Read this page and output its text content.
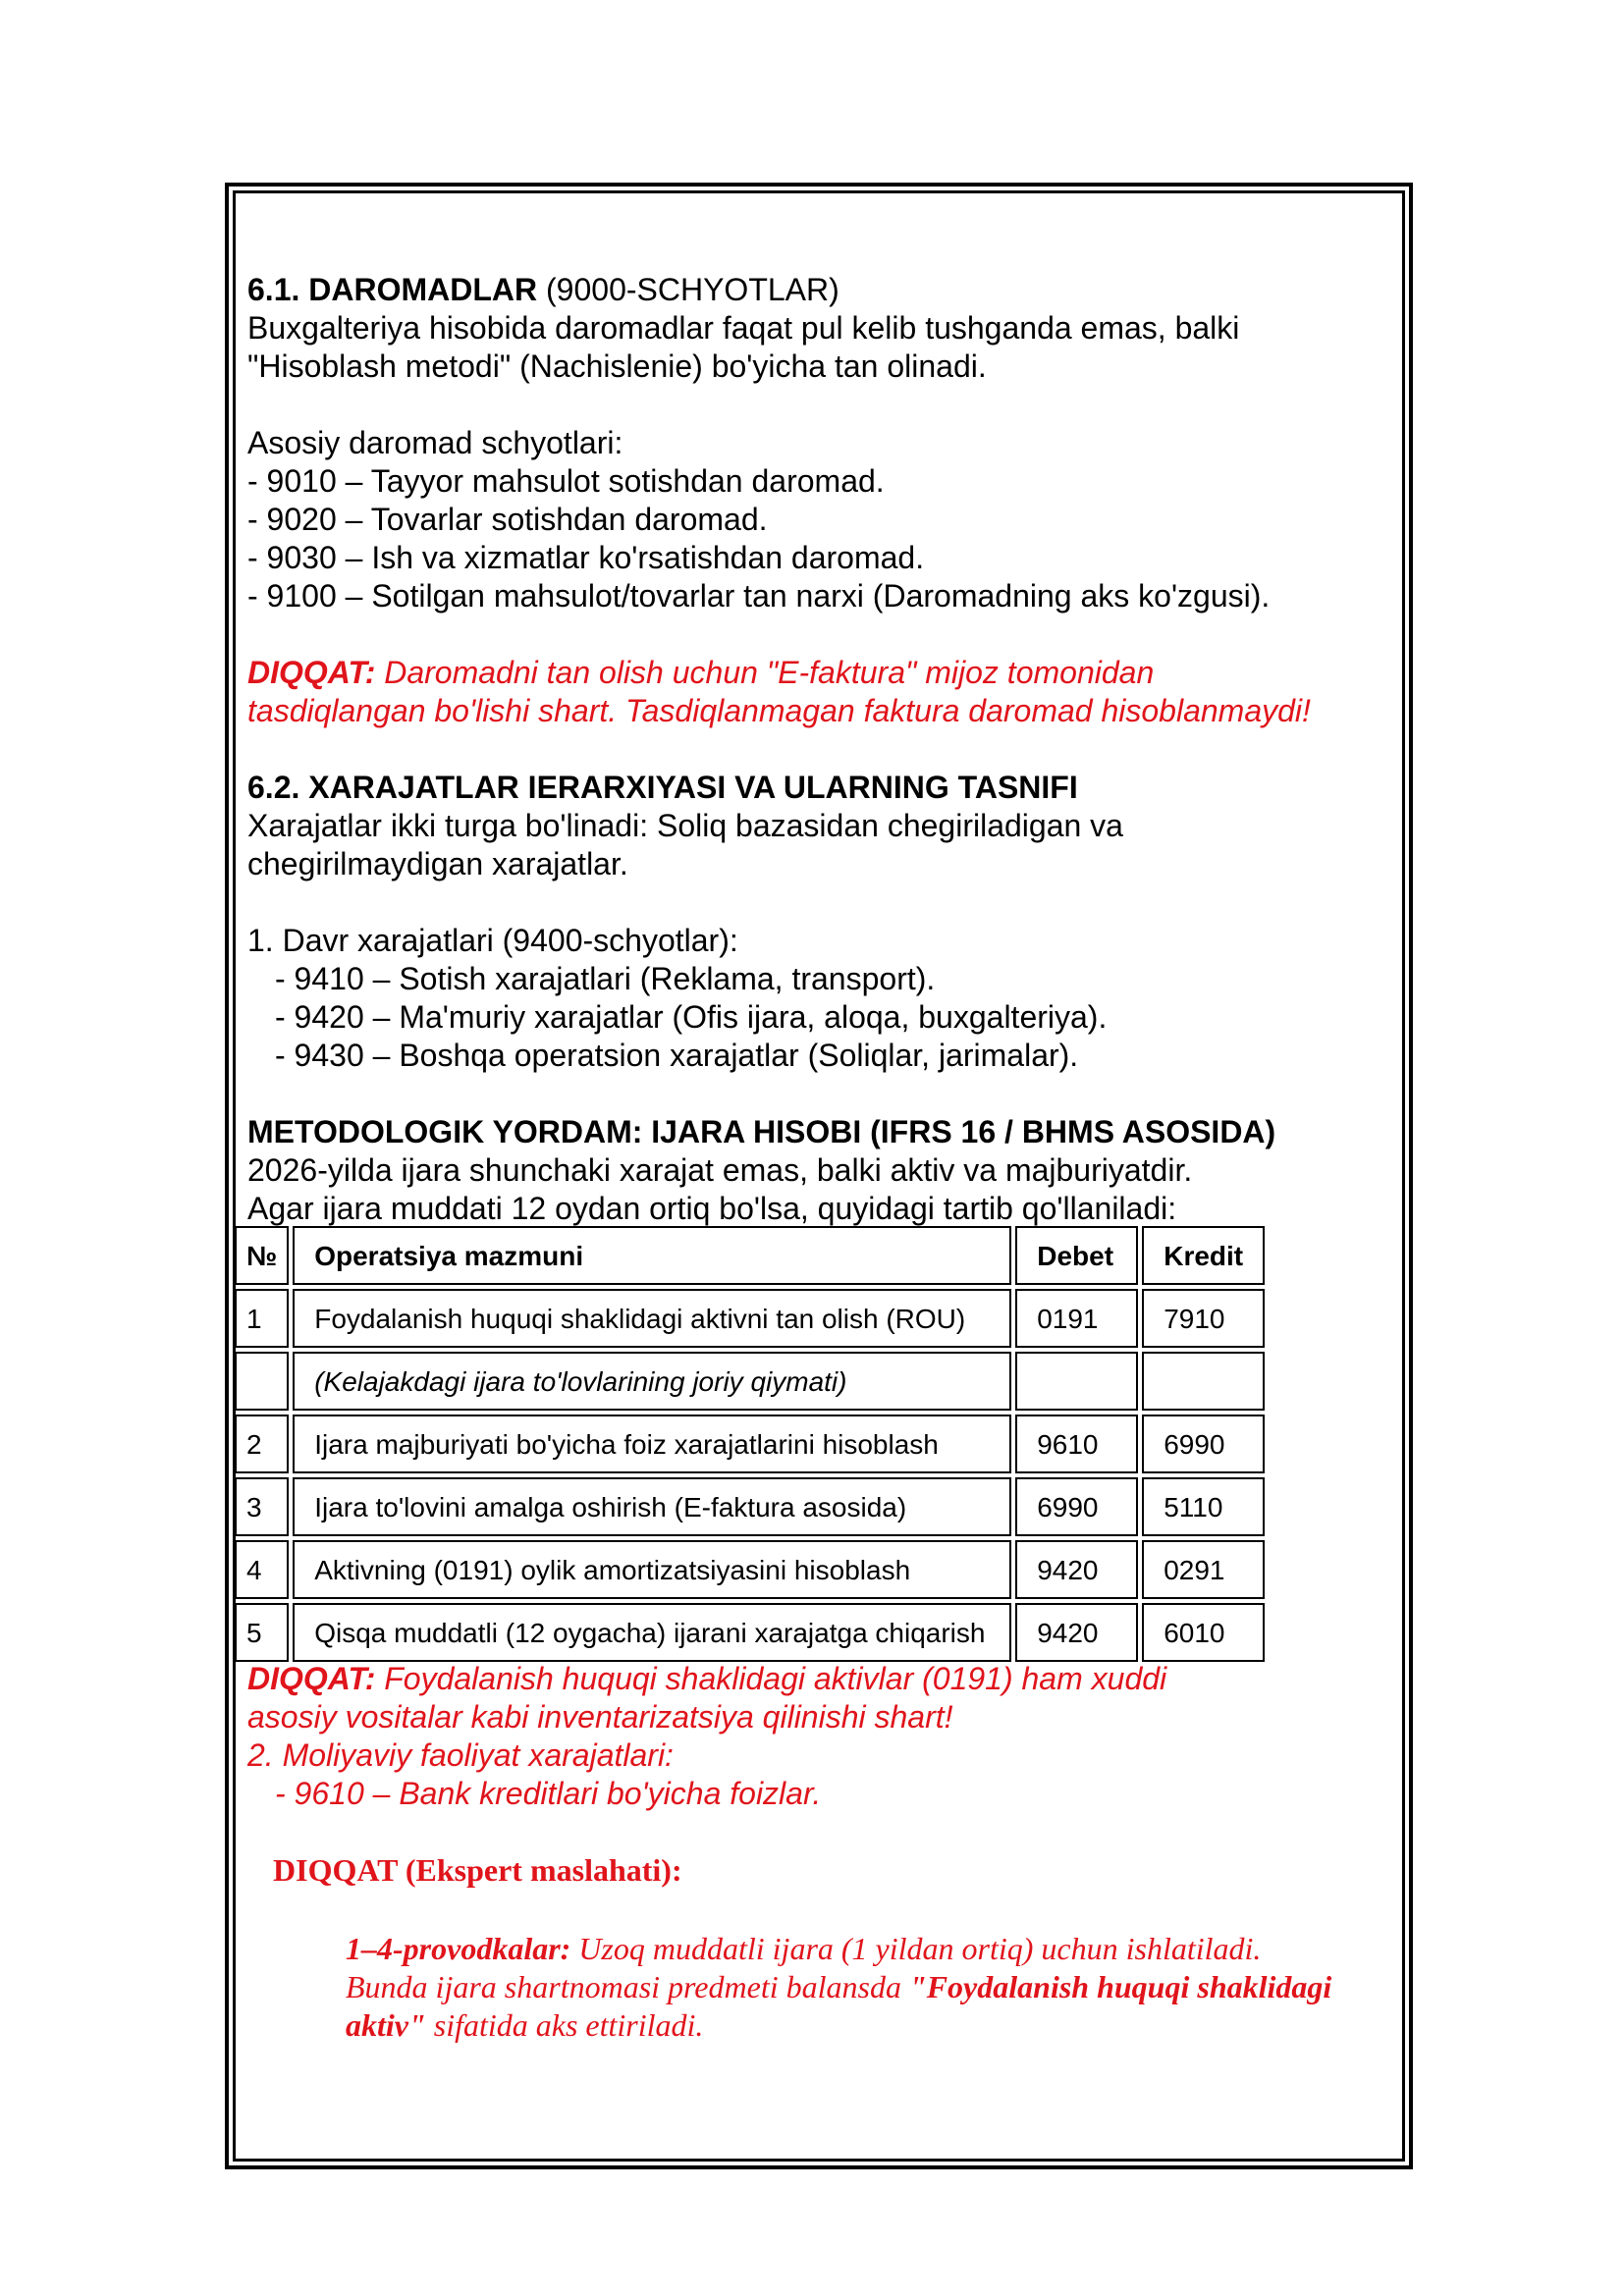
6.1. DAROMADLAR (9000-SCHYOTLAR)

Buxgalteriya hisobida daromadlar faqat pul kelib tushganda emas, balki

"Hisoblash metodi" (Nachislenie) bo'yicha tan olinadi.

Asosiy daromad schyotlari:

- 9010 – Tayyor mahsulot sotishdan daromad.

- 9020 – Tovarlar sotishdan daromad.

- 9030 – Ish va xizmatlar ko'rsatishdan daromad.

- 9100 – Sotilgan mahsulot/tovarlar tan narxi (Daromadning aks ko'zgusi).

DIQQAT: Daromadni tan olish uchun "E-faktura" mijoz tomonidan

tasdiqlangan bo'lishi shart. Tasdiqlanmagan faktura daromad hisoblanmaydi!

6.2. XARAJATLAR IERARXIYASI VA ULARNING TASNIFI

Xarajatlar ikki turga bo'linadi: Soliq bazasidan chegiriladigan va

chegirilmaydigan xarajatlar.

1. Davr xarajatlari (9400-schyotlar):

- 9410 – Sotish xarajatlari (Reklama, transport).

- 9420 – Ma'muriy xarajatlar (Ofis ijara, aloqa, buxgalteriya).

- 9430 – Boshqa operatsion xarajatlar (Soliqlar, jarimalar).

METODOLOGIK YORDAM: IJARA HISOBI (IFRS 16 / BHMS ASOSIDA)

2026-yilda ijara shunchaki xarajat emas, balki aktiv va majburiyatdir.

Agar ijara muddati 12 oydan ortiq bo'lsa, quyidagi tartib qo'llaniladi:

№	Operatsiya mazmuni	Debet	Kredit
1	Foydalanish huquqi shaklidagi aktivni tan olish (ROU)	0191	7910
	(Kelajakdagi ijara to'lovlarining joriy qiymati)		
2	Ijara majburiyati bo'yicha foiz xarajatlarini hisoblash	9610	6990
3	Ijara to'lovini amalga oshirish (E-faktura asosida)	6990	5110
4	Aktivning (0191) oylik amortizatsiyasini hisoblash	9420	0291
5	Qisqa muddatli (12 oygacha) ijarani xarajatga chiqarish	9420	6010

DIQQAT: Foydalanish huquqi shaklidagi aktivlar (0191) ham xuddi

asosiy vositalar kabi inventarizatsiya qilinishi shart!

2. Moliyaviy faoliyat xarajatlari:

- 9610 – Bank kreditlari bo'yicha foizlar.

DIQQAT (Ekspert maslahati):

1–4-provodkalar: Uzoq muddatli ijara (1 yildan ortiq) uchun ishlatiladi.
Bunda ijara shartnomasi predmeti balansda "Foydalanish huquqi shaklidagi aktiv" sifatida aks ettiriladi.
